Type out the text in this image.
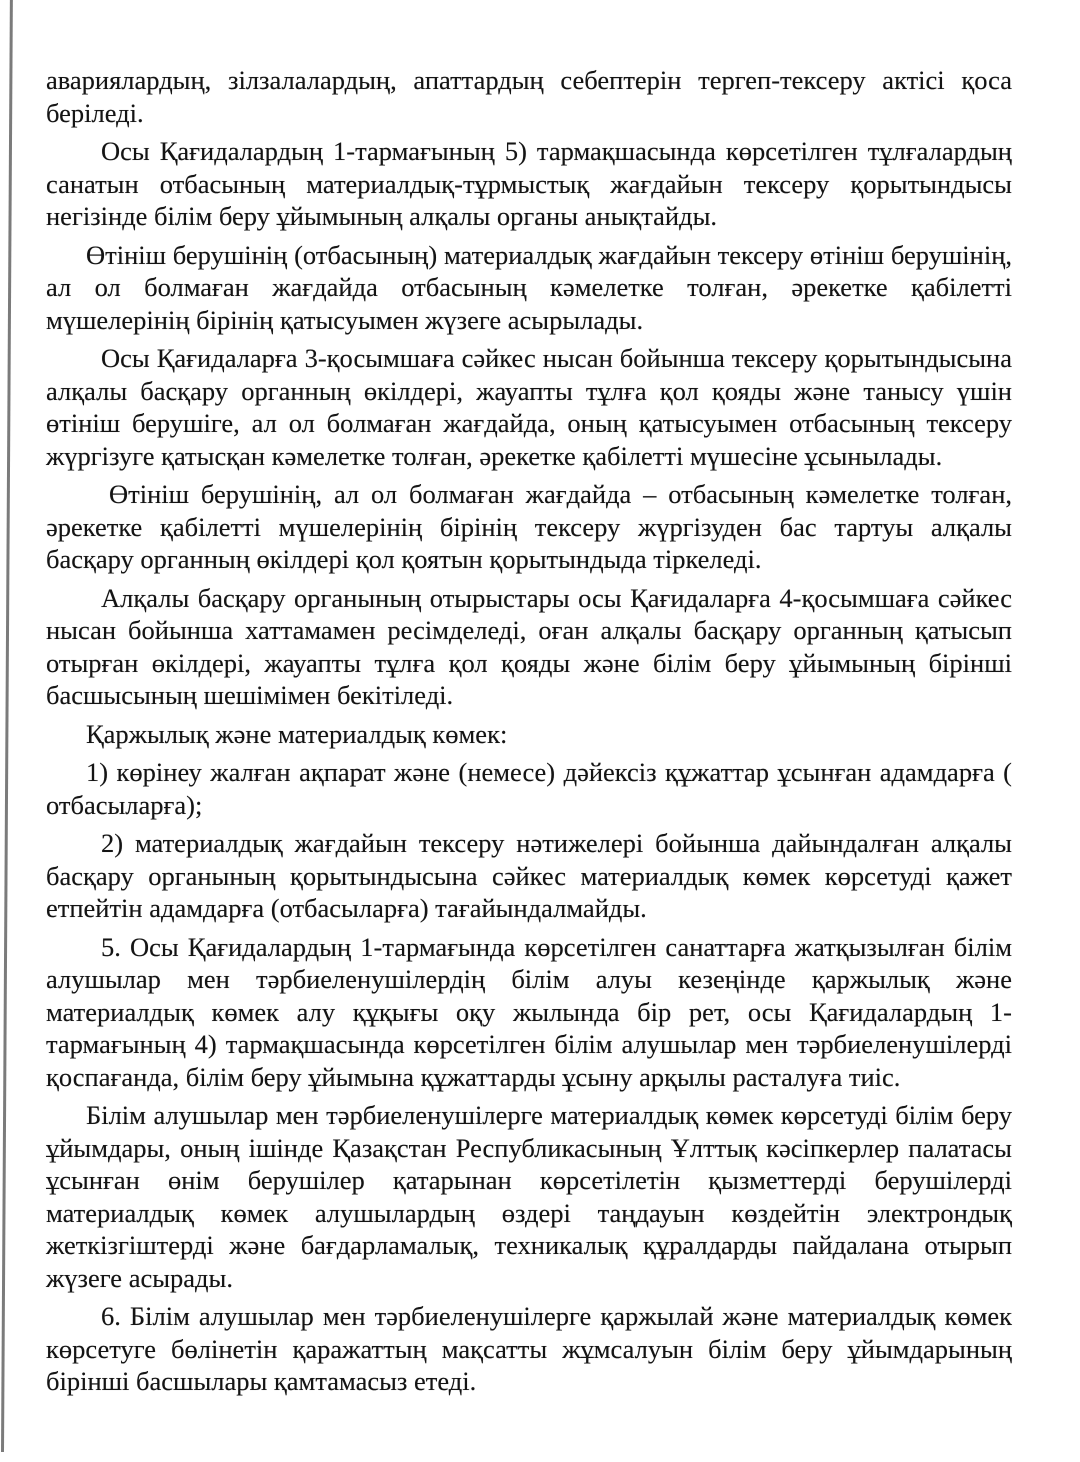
авариялардың, зілзалалардың, апаттардың себептерін тергеп-тексеру актісі қоса беріледі.

Осы Қағидалардың 1-тармағының 5) тармақшасында көрсетілген тұлғалардың санатын отбасының материалдық-тұрмыстық жағдайын тексеру қорытындысы негізінде білім беру ұйымының алқалы органы анықтайды.

Өтініш берушінің (отбасының) материалдық жағдайын тексеру өтініш берушінің, ал ол болмаған жағдайда отбасының кәмелетке толған, әрекетке қабілетті мүшелерінің бірінің қатысуымен жүзеге асырылады.

Осы Қағидаларға 3-қосымшаға сәйкес нысан бойынша тексеру қорытындысына алқалы басқару органның өкілдері, жауапты тұлға қол қояды және танысу үшін өтініш берушіге, ал ол болмаған жағдайда, оның қатысуымен отбасының тексеру жүргізуге қатысқан кәмелетке толған, әрекетке қабілетті мүшесіне ұсынылады.

Өтініш берушінің, ал ол болмаған жағдайда – отбасының кәмелетке толған, әрекетке қабілетті мүшелерінің бірінің тексеру жүргізуден бас тартуы алқалы басқару органның өкілдері қол қоятын қорытындыда тіркеледі.

Алқалы басқару органының отырыстары осы Қағидаларға 4-қосымшаға сәйкес нысан бойынша хаттамамен ресімделеді, оған алқалы басқару органның қатысып отырған өкілдері, жауапты тұлға қол қояды және білім беру ұйымының бірінші басшысының шешімімен бекітіледі.

Қаржылық және материалдық көмек:

1) көрінеу жалған ақпарат және (немесе) дәйексіз құжаттар ұсынған адамдарға ( отбасыларға);

2) материалдық жағдайын тексеру нәтижелері бойынша дайындалған алқалы басқару органының қорытындысына сәйкес материалдық көмек көрсетуді қажет етпейтін адамдарға (отбасыларға) тағайындалмайды.

5. Осы Қағидалардың 1-тармағында көрсетілген санаттарға жатқызылған білім алушылар мен тәрбиеленушілердің білім алуы кезеңінде қаржылық және материалдық көмек алу құқығы оқу жылында бір рет, осы Қағидалардың 1-тармағының 4) тармақшасында көрсетілген білім алушылар мен тәрбиеленушілерді қоспағанда, білім беру ұйымына құжаттарды ұсыну арқылы расталуға тиіс.

Білім алушылар мен тәрбиеленушілерге материалдық көмек көрсетуді білім беру ұйымдары, оның ішінде Қазақстан Республикасының Ұлттық кәсіпкерлер палатасы ұсынған өнім берушілер қатарынан көрсетілетін қызметтерді берушілерді материалдық көмек алушылардың өздері таңдауын көздейтін электрондық жеткізгіштерді және бағдарламалық, техникалық құралдарды пайдалана отырып жүзеге асырады.

6. Білім алушылар мен тәрбиеленушілерге қаржылай және материалдық көмек көрсетуге бөлінетін қаражаттың мақсатты жұмсалуын білім беру ұйымдарының бірінші басшылары қамтамасыз етеді.
